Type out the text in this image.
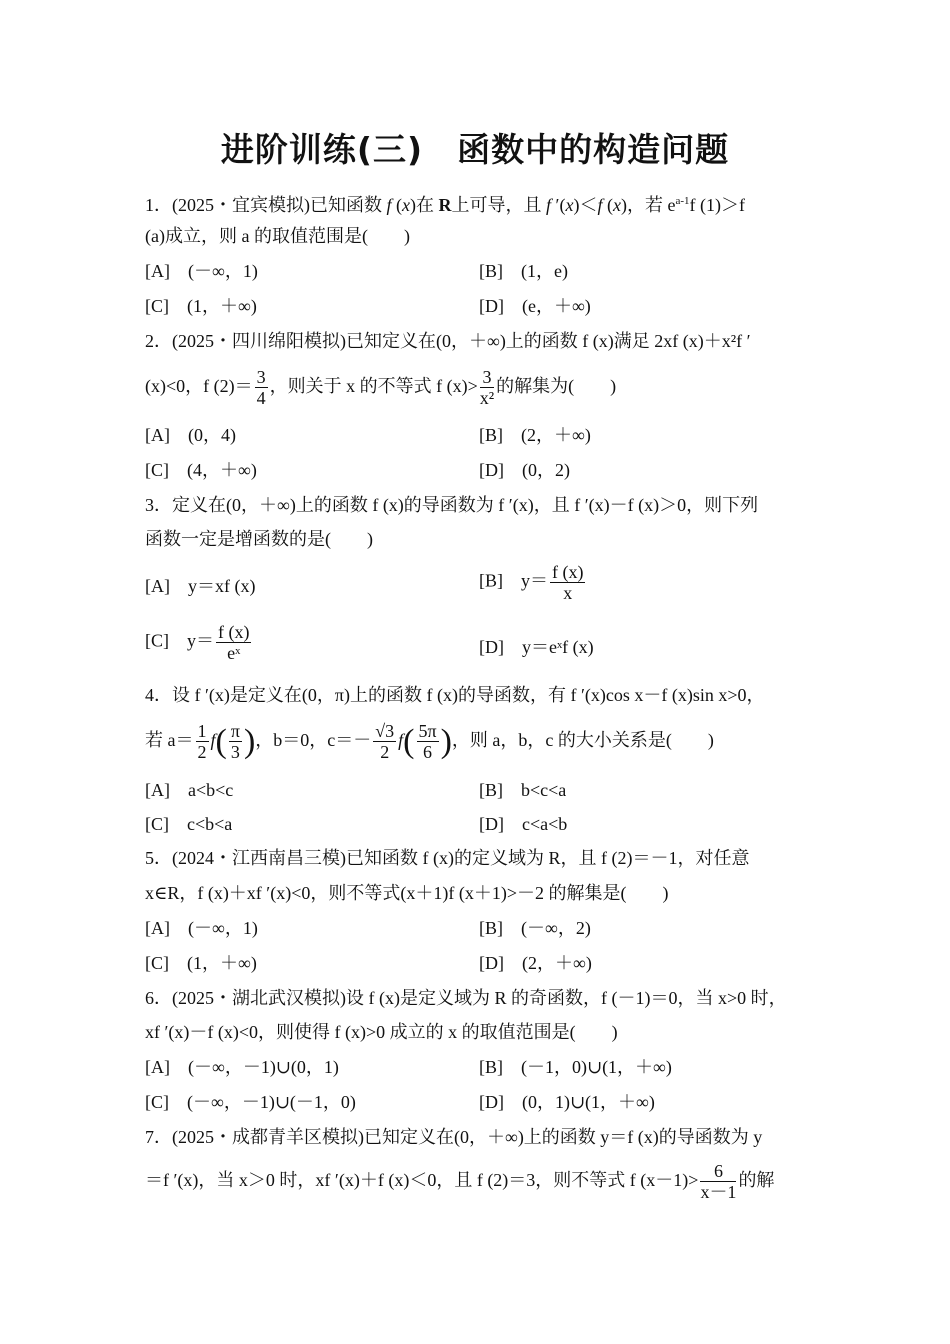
进阶训练(三)　函数中的构造问题
1．(2025・宜宾模拟)已知函数 f (x)在 R上可导，且 f ′(x)＜f (x)，若 $e^{a-1}f$ (1)＞f
(a)成立，则 a 的取值范围是(　　)
[A]　(－∞，1)	[B]　(1，e)
[C]　(1，＋∞)	[D]　(e，＋∞)
2．(2025・四川绵阳模拟)已知定义在(0，＋∞)上的函数 f (x)满足 2xf (x)＋x²f ′
(x)<0，f $(2)= \frac{3}{4}$ ，则关于 x 的不等式 f $(x)> \frac{3}{\text{x²}}$ 的解集为(　　)
[A]　(0，4)	[B]　(2，＋∞)
[C]　(4，＋∞)	[D]　(0，2)
3．定义在(0，＋∞)上的函数 f (x)的导函数为 f ′(x)，且 f ′(x)－f (x)＞0，则下列
函数一定是增函数的是(　　)
[A]　y＝xf (x)	[B]　$y= \frac{f (x)}{x}$
[C]　$y= \frac{f (x)}{\text{eˣ}}$	[D]　y＝eˣf (x)
4．设 f ′(x)是定义在(0，π)上的函数 f (x)的导函数，有 f ′(x)cos x－f (x)sin x>0，
若 $a= \frac{1}{2} f( \frac{\pi}{3}$ )，b＝0，$c=- \frac{√3}{2} f( \frac{5\pi}{6}$ )，则 a，b，c 的大小关系是(　　)
[A]　a<b<c	[B]　b<c<a
[C]　c<b<a	[D]　c<a<b
5．(2024・江西南昌三模)已知函数 f (x)的定义域为 R，且 f (2)＝－1，对任意
x∈R，f (x)＋xf ′(x)<0，则不等式(x＋1)f (x＋1)>－2 的解集是(　　)
[A]　(－∞，1)	[B]　(－∞，2)
[C]　(1，＋∞)	[D]　(2，＋∞)
6．(2025・湖北武汉模拟)设 f (x)是定义域为 R 的奇函数，f (－1)＝0，当 x>0 时，
xf ′(x)－f (x)<0，则使得 f (x)>0 成立的 x 的取值范围是(　　)
[A]　(－∞，－1)∪(0，1)	[B]　(－1，0)∪(1，＋∞)
[C]　(－∞，－1)∪(－1，0)	[D]　(0，1)∪(1，＋∞)
7．(2025・成都青羊区模拟)已知定义在(0，＋∞)上的函数 y＝f (x)的导函数为 y
＝f ′(x)，当 x＞0 时，xf ′(x)＋f (x)＜0，且 f (2)＝3，则不等式 f $(x-1)> \frac{6}{x-1}$ 的解
